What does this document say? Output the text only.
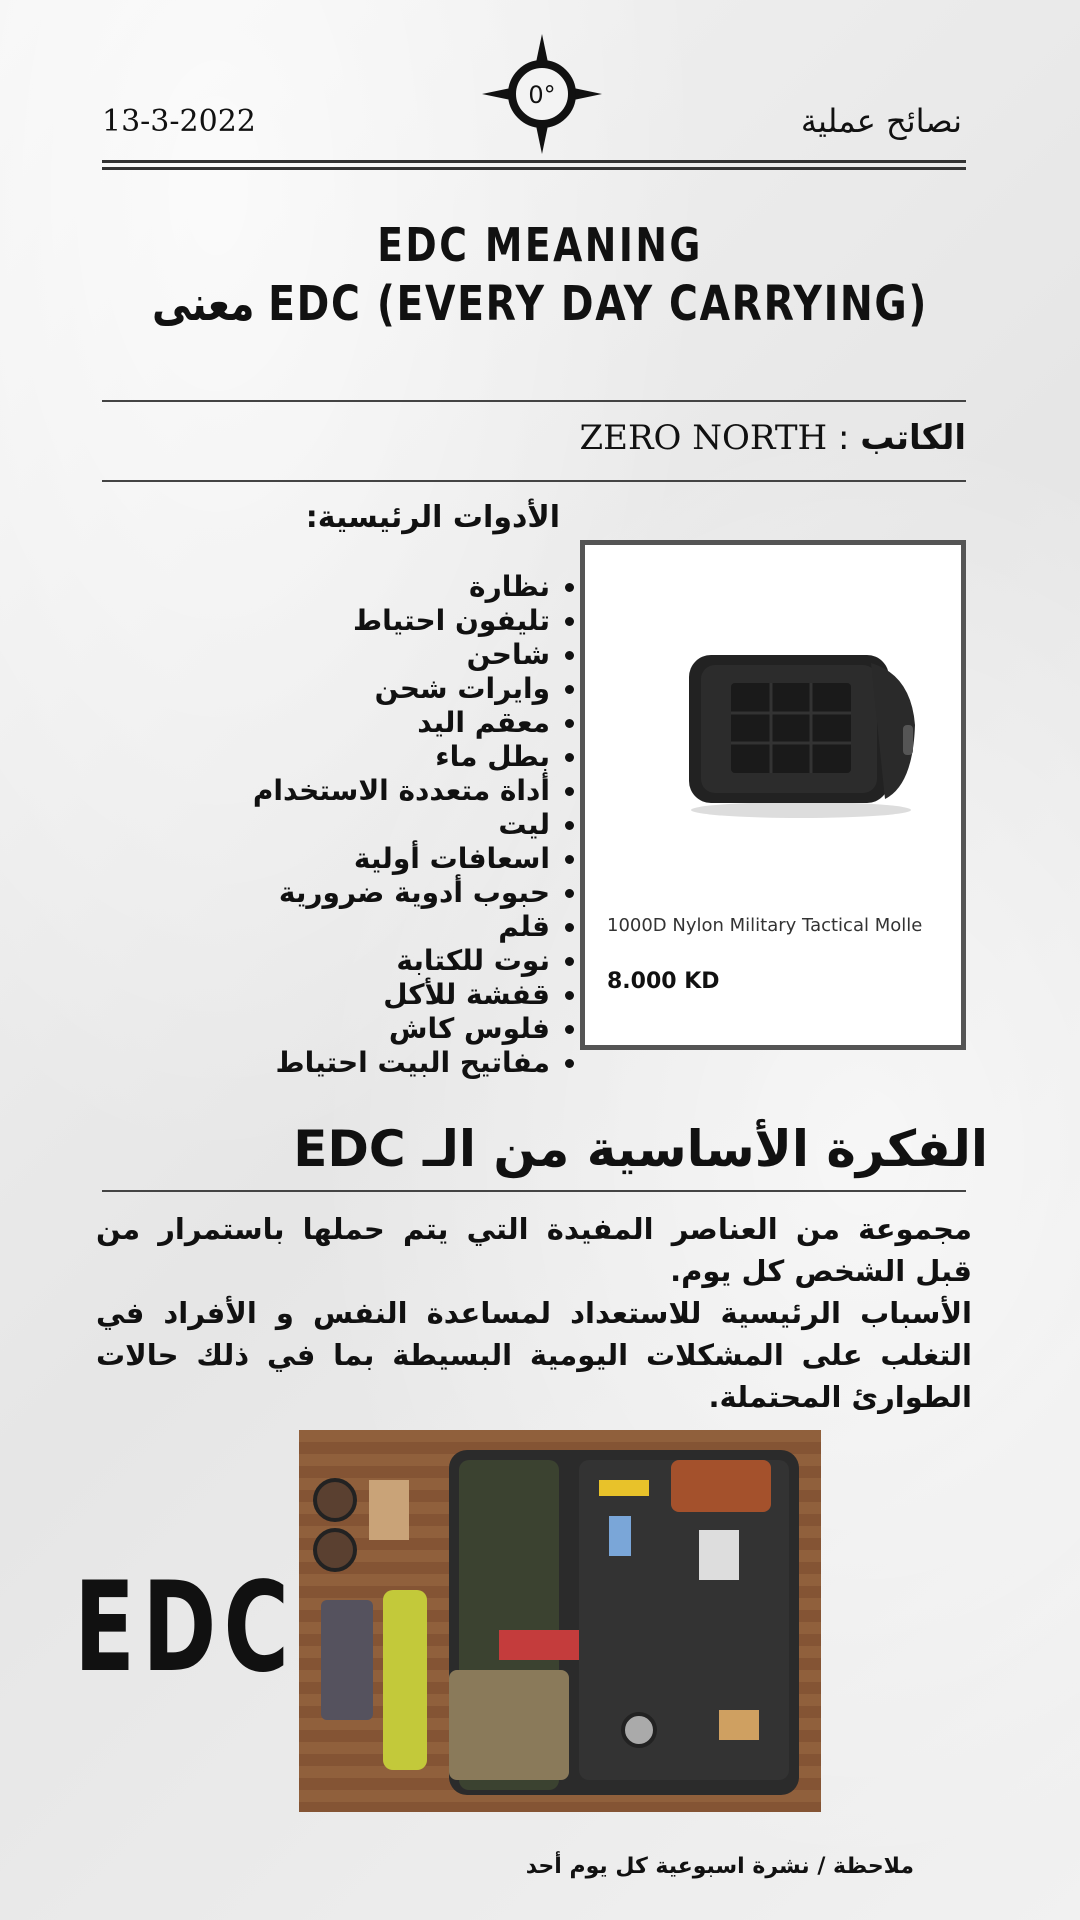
13-3-2022
0°
نصائح عملية
EDC MEANING
معنى EDC (EVERY DAY CARRYING)
الكاتب : ZERO NORTH
الأدوات الرئيسية:
• نظارة
• تليفون احتياط
• شاحن
• وايرات شحن
• معقم اليد
• بطل ماء
• أداة متعددة الاستخدام
• ليت
• اسعافات أولية
• حبوب أدوية ضرورية
• قلم
• نوت للكتابة
• قفشة للأكل
• فلوس كاش
• مفاتيح البيت احتياط
1000D Nylon Military Tactical Molle
8.000 KD
الفكرة الأساسية من الـ EDC

مجموعة من العناصر المفيدة التي يتم حملها باستمرار من قبل الشخص كل يوم.

الأسباب الرئيسية للاستعداد لمساعدة النفس و الأفراد في التغلب على المشكلات اليومية البسيطة بما في ذلك حالات الطوارئ المحتملة.

EDC
ملاحظة / نشرة اسبوعية كل يوم أحد
